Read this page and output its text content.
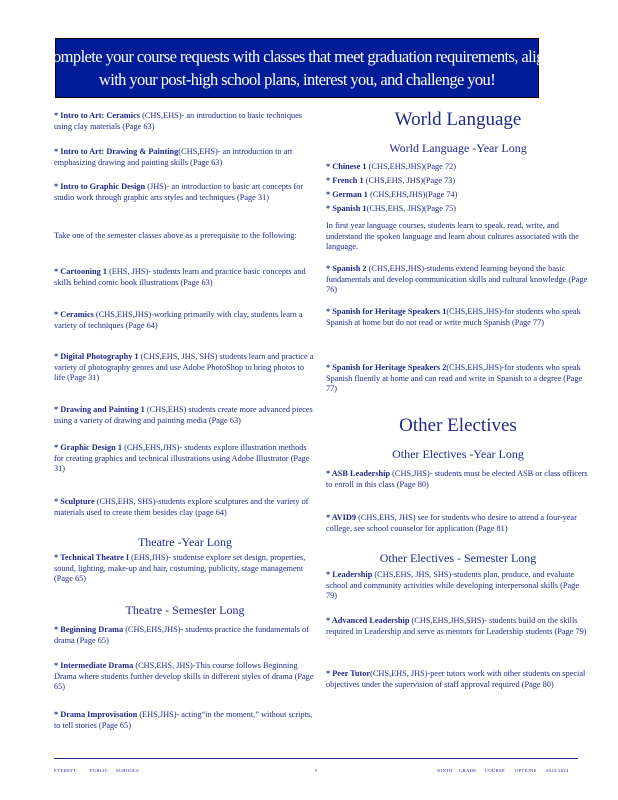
Complete your course requests with classes that meet graduation requirements, align
with your post-high school plans, interest you, and challenge you!

* Intro to Art: Ceramics (CHS,EHS)- an introduction to basic techniques using clay materials (Page 63)

* Intro to Art: Drawing & Painting(CHS,EHS)- an introduction to art emphasizing drawing and painting skills (Page 63)

* Intro to Graphic Design (JHS)- an introduction to basic art concepts for studio work through graphic arts styles and techniques (Page 31)

Take one of the semester classes above as a prerequisite to the following:

* Cartooning 1 (EHS, JHS)- students learn and practice basic concepts and skills behind comic book illustrations (Page 63)

* Ceramics (CHS,EHS,JHS)-working primarily with clay, students learn a variety of techniques (Page 64)

* Digital Photography 1 (CHS,EHS, JHS, SHS) students learn and practice a variety of photography genres and use Adobe PhotoShop to bring photos to life (Page 31)

* Drawing and Painting 1 (CHS,EHS) students create more advanced pieces using a variety of drawing and painting media (Page 63)

* Graphic Design 1 (CHS,EHS,JHS)- students explore illustration methods for creating graphics and technical illustrations using Adobe Illustrator (Page 31)

* Sculpture (CHS,EHS, SHS)-students explore sculptures and the variety of materials used to create them besides clay (page 64)

Theatre -Year Long

* Technical Theatre I (EHS,JHS)- studentse explore set design, properties, sound, lighting, make-up and hair, costuming, publicity, stage management (Page 65)

Theatre - Semester Long

* Beginning Drama (CHS,EHS,JHS)- students practice the fundamentals of drama (Page 65)

* Intermediate Drama (CHS,EHS, JHS)-This course follows Beginning Drama where students further develop skills in different styles of drama (Page 65)

* Drama Improvisation (EHS,JHS)- acting“in the moment,” without scripts, to tell stories (Page 65)

World Language
World Language -Year Long

* Chinese 1 (CHS,EHS,JHS)(Page 72)

* French 1 (CHS,EHS, JHS)(Page 73)

* German 1 (CHS,EHS,JHS)(Page 74)

* Spanish 1(CHS,EHS, JHS)(Page 75)

In first year language courses, students learn to speak, read, write, and understand the spoken language and learn about cultures associated with the language.

* Spanish 2 (CHS,EHS,JHS)-students extend learning beyond the basic fundamentals and develop communication skills and cultural knowledge (Page 76)

* Spanish for Heritage Speakers 1(CHS,EHS,JHS)-for students who speak Spanish at home but do not read or write much Spanish (Page 77)

* Spanish for Heritage Speakers 2(CHS,EHS,JHS)-for students who speak Spanish fluently at home and can read and write in Spanish to a degree (Page 77)

Other Electives
Other Electives -Year Long

* ASB Leadership (CHS,JHS)- students must be elected ASB or class officers to enroll in this class (Page 80)

* AVID9 (CHS,EHS, JHS) see for students who desire to attend a four-year college, see school counselor for application (Page 81)

Other Electives - Semester Long

* Leadership (CHS,EHS, JHS, SHS)-students plan, produce, and evaluate school and community activities while developing interpersonal skills (Page 79)

* Advanced Leadership (CHS,EHS,JHS,SHS)- students build on the skills required in Leadership and serve as mentors for Leadership students (Page 79)

* Peer Tutor(CHS,EHS, JHS)-peer tutors work with other students on special objectives under the supervision of staff approval required (Page 80)

EVERETT	PUBLIC SCHOOLS	5	NINTH GRADE COURSE OPTIONS 2023-2024
